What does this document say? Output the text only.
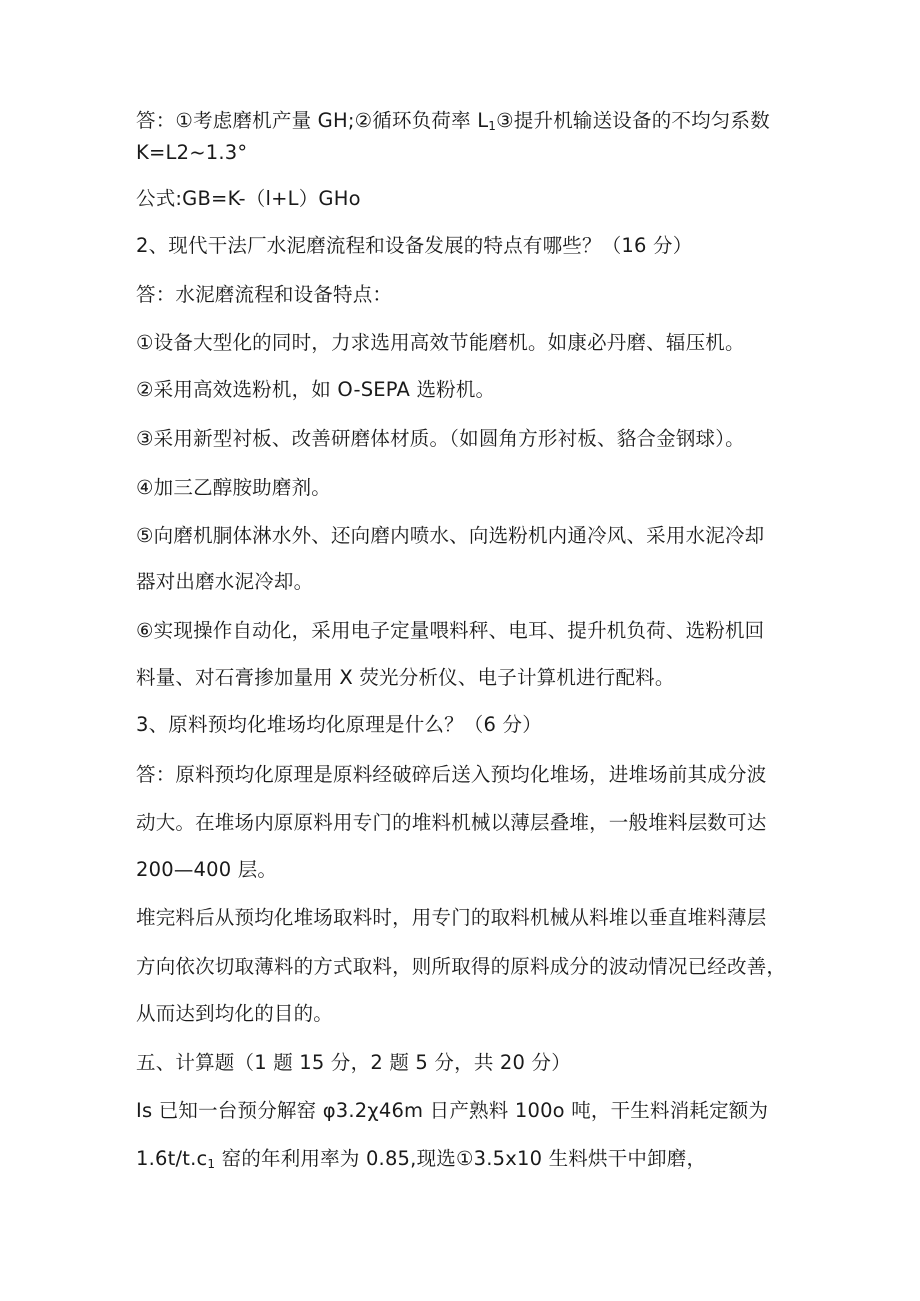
答：①考虑磨机产量 GH;②循环负荷率 $L_1③$提升机输送设备的不均匀系数
K=L2~1.3°
公式:GB=K-（l+L）GHo
2、现代干法厂水泥磨流程和设备发展的特点有哪些？（16 分）
答：水泥磨流程和设备特点：
①设备大型化的同时，力求选用高效节能磨机。如康必丹磨、辐压机。
②采用高效选粉机，如 O-SEPA 选粉机。
③采用新型衬板、改善研磨体材质。（如圆角方形衬板、貉合金钢球）。
④加三乙醇胺助磨剂。
⑤向磨机胴体淋水外、还向磨内喷水、向选粉机内通冷风、采用水泥冷却
器对出磨水泥冷却。
⑥实现操作自动化，采用电子定量喂料秤、电耳、提升机负荷、选粉机回
料量、对石膏掺加量用 X 荧光分析仪、电子计算机进行配料。
3、原料预均化堆场均化原理是什么？（6 分）
答：原料预均化原理是原料经破碎后送入预均化堆场，进堆场前其成分波
动大。在堆场内原原料用专门的堆料机械以薄层叠堆，一般堆料层数可达
200—400 层。
堆完料后从预均化堆场取料时，用专门的取料机械从料堆以垂直堆料薄层
方向依次切取薄料的方式取料，则所取得的原料成分的波动情况已经改善，
从而达到均化的目的。
五、计算题（1 题 15 分，2 题 5 分，共 20 分）
Is 已知一台预分解窑 φ3.2χ46m 日产熟料 100o 吨，干生料消耗定额为
$1.6t/t.c_1$ 窑的年利用率为 0.85,现选①3.5x10 生料烘干中卸磨，
